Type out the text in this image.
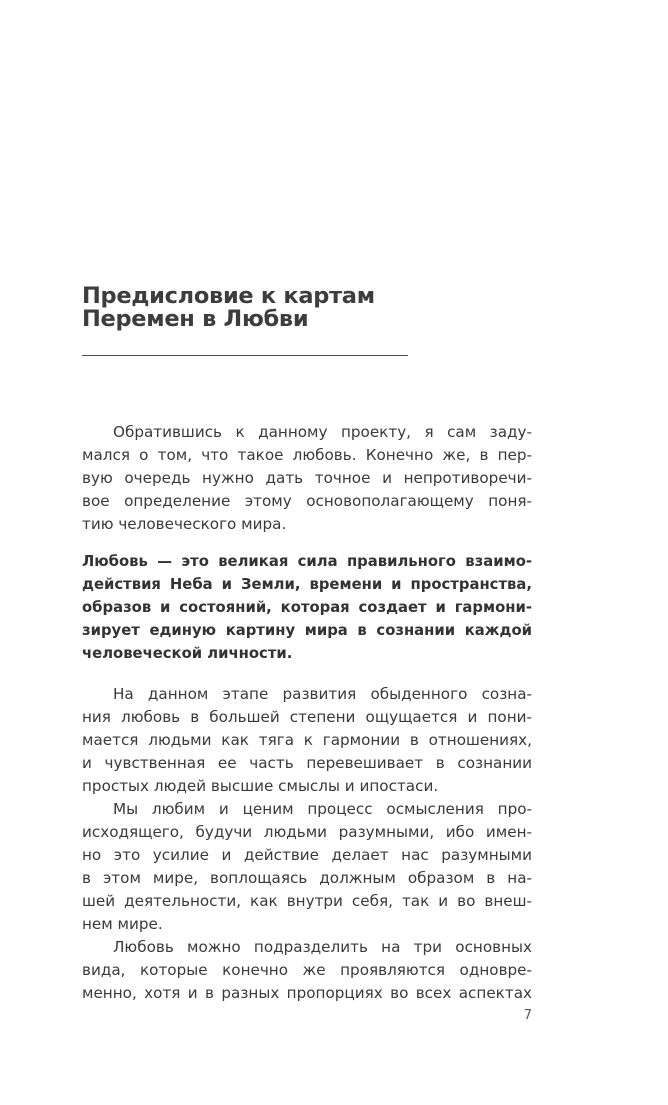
Предисловие к картам
Перемен в Любви
Обратившись к данному проекту, я сам заду-
мался о том, что такое любовь. Конечно же, в пер-
вую очередь нужно дать точное и непротиворечи-
вое определение этому основополагающему поня-
тию человеческого мира.
Любовь — это великая сила правильного взаимо-
действия Неба и Земли, времени и пространства,
образов и состояний, которая создает и гармони-
зирует единую картину мира в сознании каждой
человеческой личности.
На данном этапе развития обыденного созна-
ния любовь в большей степени ощущается и пони-
мается людьми как тяга к гармонии в отношениях,
и чувственная ее часть перевешивает в сознании
простых людей высшие смыслы и ипостаси.
Мы любим и ценим процесс осмысления про-
исходящего, будучи людьми разумными, ибо имен-
но это усилие и действие делает нас разумными
в этом мире, воплощаясь должным образом в на-
шей деятельности, как внутри себя, так и во внеш-
нем мире.
Любовь можно подразделить на три основных
вида, которые конечно же проявляются одновре-
менно, хотя и в разных пропорциях во всех аспектах
7
